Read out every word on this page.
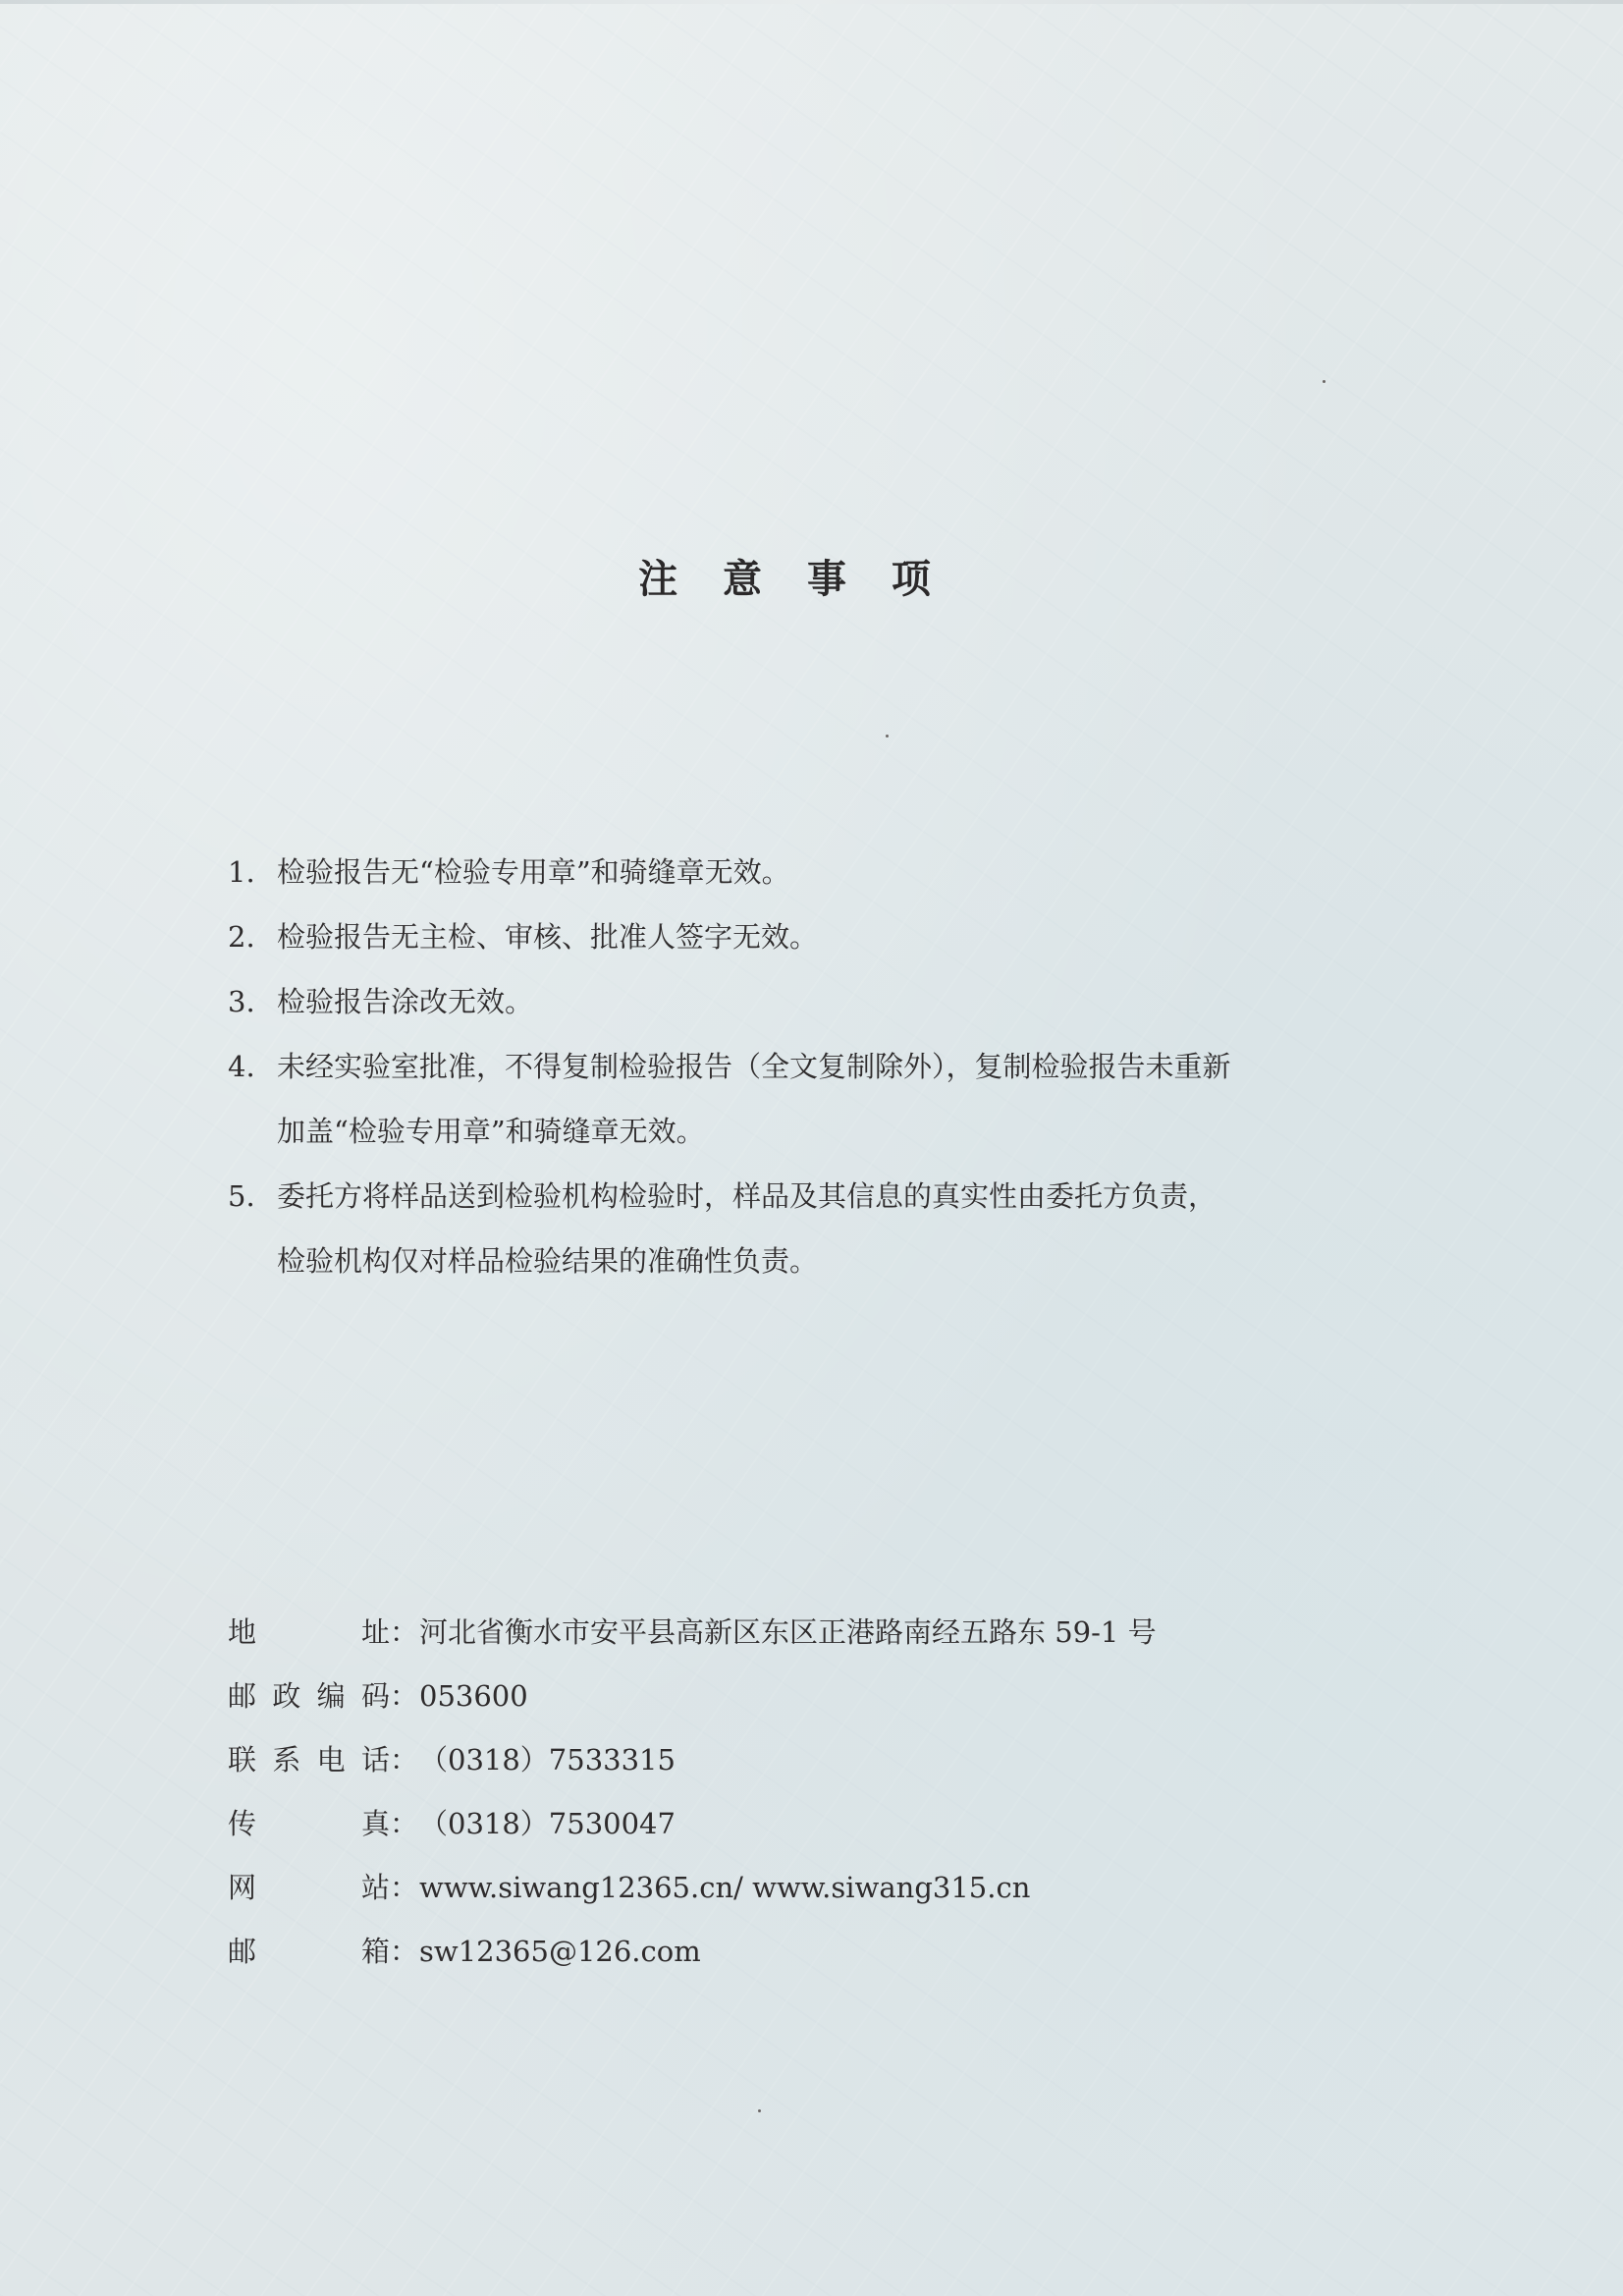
注 意 事 项
1. 检验报告无“检验专用章”和骑缝章无效。
2. 检验报告无主检、审核、批准人签字无效。
3. 检验报告涂改无效。
4. 未经实验室批准，不得复制检验报告（全文复制除外），复制检验报告未重新
加盖“检验专用章”和骑缝章无效。
5. 委托方将样品送到检验机构检验时，样品及其信息的真实性由委托方负责，
检验机构仅对样品检验结果的准确性负责。
地	址 ： 河北省衡水市安平县高新区东区正港路南经五路东 59-1 号
邮 政 编 码 ： 053600
联 系 电 话 ： （0318）7533315
传	真 ： （0318）7530047
网	站 ： www.siwang12365.cn/ www.siwang315.cn
邮	箱 ： sw12365@126.com
